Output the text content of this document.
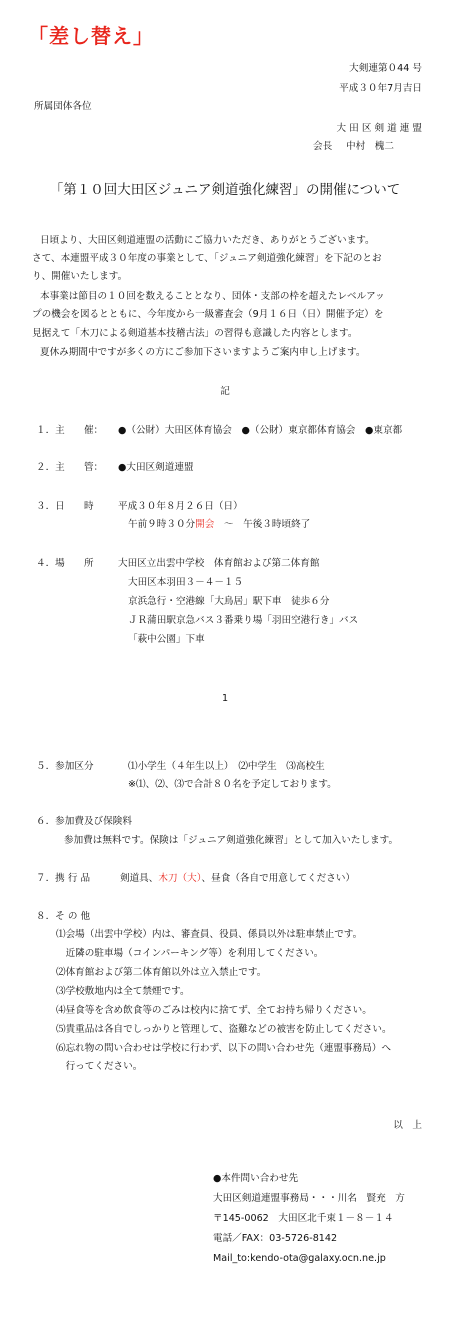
「差し替え」
大剣連第０44 号
平成３０年7月吉日
所属団体各位
大 田 区 剣 道 連 盟
会長 中村　槐二
「第１０回大田区ジュニア剣道強化練習」の開催について
日頃より、大田区剣道連盟の活動にご協力いただき、ありがとうございます。
さて、本連盟平成３０年度の事業として、「ジュニア剣道強化練習」を下記のとお
り、開催いたします。
本事業は節目の１０回を数えることとなり、団体・支部の枠を超えたレベルアッ
プの機会を図るとともに、今年度から一級審査会（9月１６日（日）開催予定）を
見据えて「木刀による剣道基本技稽古法」の習得も意識した内容とします。
夏休み期間中ですが多くの方にご参加下さいますようご案内申し上げます。
記
１．主　　催： ●（公財）大田区体育協会　●（公財）東京都体育協会　●東京都
２．主　　管： ●大田区剣道連盟
３．日　　時	平成３０年８月２６日（日）
午前９時３０分開会　～　午後３時頃終了
４．場　　所	大田区立出雲中学校　体育館および第二体育館
大田区本羽田３－４－１５
京浜急行・空港線「大鳥居」駅下車　徒歩６分
ＪＲ蒲田駅京急バス３番乗り場「羽田空港行き」バス
「萩中公園」下車
1
５．参加区分	⑴小学生（４年生以上）　⑵中学生　⑶高校生
※⑴、⑵、⑶で合計８０名を予定しております。
６．参加費及び保険料
参加費は無料です。保険は「ジュニア剣道強化練習」として加入いたします。
７．携 行 品	剣道具、木刀（大）、昼食（各自で用意してください）
８．そ の 他
⑴会場（出雲中学校）内は、審査員、役員、係員以外は駐車禁止です。
　近隣の駐車場（コインパーキング等）を利用してください。
⑵体育館および第二体育館以外は立入禁止です。
⑶学校敷地内は全て禁煙です。
⑷昼食等を含め飲食等のごみは校内に捨てず、全てお持ち帰りください。
⑸貴重品は各自でしっかりと管理して、盗難などの被害を防止してください。
⑹忘れ物の問い合わせは学校に行わず、以下の問い合わせ先（連盟事務局）へ
　行ってください。
以　上
●本件問い合わせ先
大田区剣道連盟事務局・・・川名　賢充　方
〒145-0062　大田区北千束１－８－１４
電話／FAX：03-5726-8142
Mail_to:kendo-ota@galaxy.ocn.ne.jp
